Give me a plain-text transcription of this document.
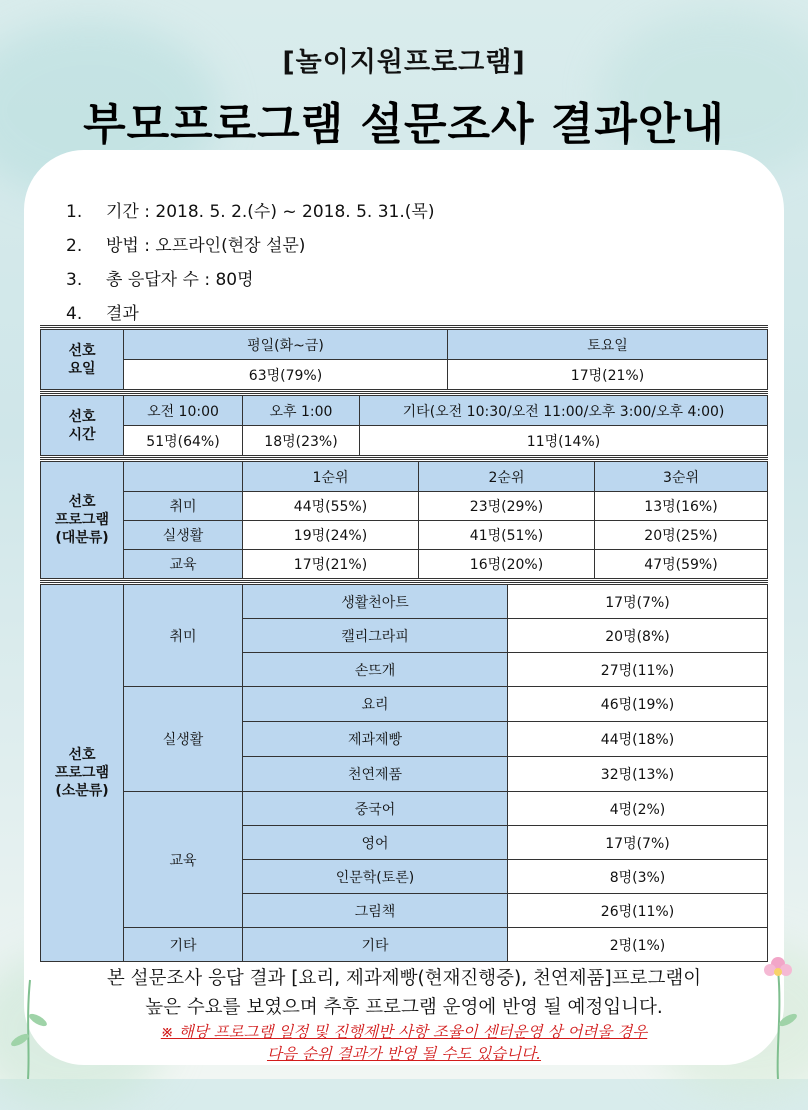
[놀이지원프로그램]
부모프로그램 설문조사 결과안내
1. 기간 : 2018. 5. 2.(수) ~ 2018. 5. 31.(목)
2. 방법 : 오프라인(현장 설문)
3. 총 응답자 수 : 80명
4. 결과
선호
요일	평일(화~금)	토요일
	63명(79%)	17명(21%)
선호
시간	오전 10:00	오후 1:00	기타(오전 10:30/오전 11:00/오후 3:00/오후 4:00)
	51명(64%)	18명(23%)	11명(14%)
선호
프로그램
(대분류)		1순위	2순위	3순위
	취미	44명(55%)	23명(29%)	13명(16%)
	실생활	19명(24%)	41명(51%)	20명(25%)
	교육	17명(21%)	16명(20%)	47명(59%)
선호
프로그램
(소분류)	취미	생활천아트	17명(7%)
		캘리그라피	20명(8%)
		손뜨개	27명(11%)
	실생활	요리	46명(19%)
		제과제빵	44명(18%)
		천연제품	32명(13%)
	교육	중국어	4명(2%)
		영어	17명(7%)
		인문학(토론)	8명(3%)
		그림책	26명(11%)
	기타	기타	2명(1%)
본 설문조사 응답 결과 [요리, 제과제빵(현재진행중), 천연제품]프로그램이
높은 수요를 보였으며 추후 프로그램 운영에 반영 될 예정입니다.
※ 해당 프로그램 일정 및 진행제반 사항 조율이 센터운영 상 어려울 경우
다음 순위 결과가 반영 될 수도 있습니다.
